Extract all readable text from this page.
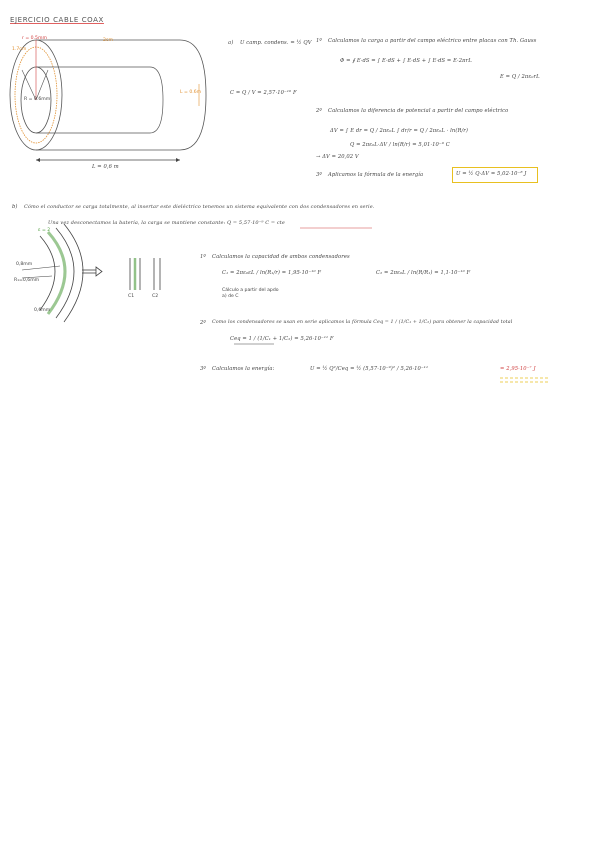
EJERCICIO CABLE COAX
r = 0.5mm
R = 0.6mm
2cm
L = 0.6m
1.7cm
L = 0,6 m
a) U camp. condens. = ½ QV
C = Q / V = 2,57·10⁻¹⁰ F
1º Calculamos la carga a partir del campo eléctrico entre placas con Th. Gauss
Φ = ∮ E·dS = ∫ E·dS + ∫ E·dS + ∫ E·dS = E·2πrL
E = Q / 2πε₀rL
2º Calculamos la diferencia de potencial a partir del campo eléctrico
ΔV = ∫ E dr = Q / 2πε₀L ∫ dr/r = Q / 2πε₀L · ln(R/r)
Q = 2πε₀L·ΔV / ln(R/r) = 5,01·10⁻⁹ C
→ ΔV = 20,02 V
3º Aplicamos la fórmula de la energía	U = ½ Q·ΔV = 5,02·10⁻⁸ J
b) Cómo el conductor se carga totalmente, al insertar este dieléctrico tenemos un sistema equivalente con dos condensadores en serie.
Una vez desconectamos la batería, la carga se mantiene constante: Q = 5,57·10⁻⁹ C = cte
ε = 2
R₁=0,6mm
0,8mm
0,6mm
C1	C2
1º Calculamos la capacidad de ambos condensadores
C₁ = 2πε₀εL / ln(R₁/r) = 1,95·10⁻¹⁰ F	C₂ = 2πε₀L / ln(R/R₁) = 1,1·10⁻¹⁰ F
Cálculo a partir del apdo a) de C
2º Como los condensadores se usan en serie aplicamos la fórmula Ceq = 1 / (1/C₁ + 1/C₂) para obtener la capacidad total
Ceq = 1 / (1/C₁ + 1/C₂) = 5,26·10⁻¹¹ F
3º Calculamos la energía:	U = ½ Q²/Ceq = ½ (5,57·10⁻⁹)² / 5,26·10⁻¹¹	= 2,95·10⁻⁷ J
